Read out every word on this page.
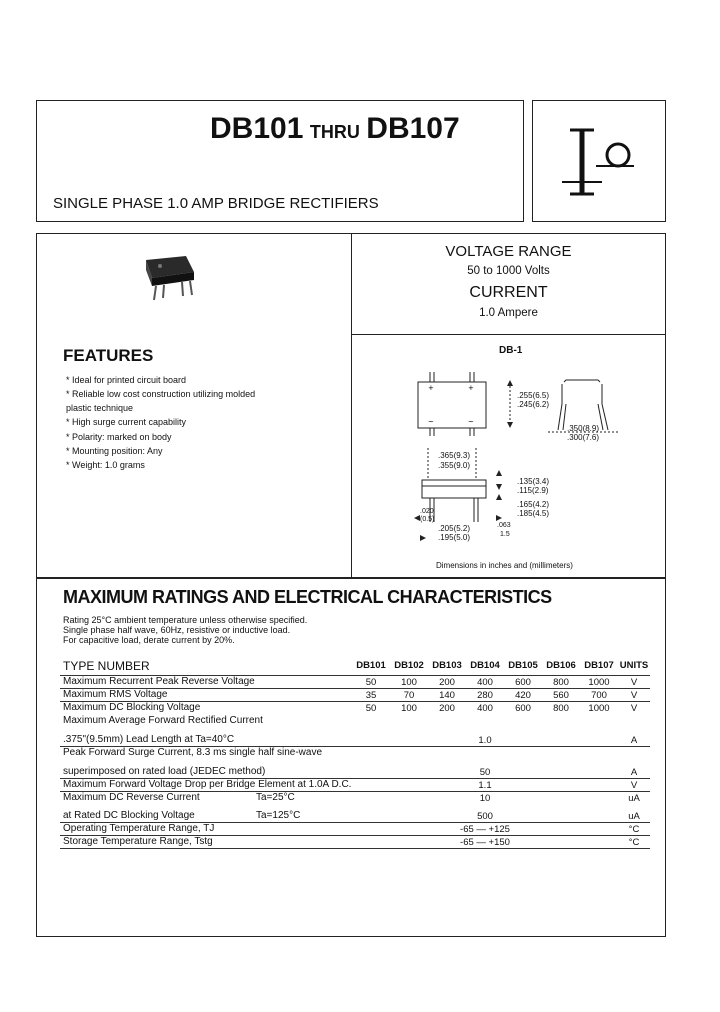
DB101 THRU DB107
SINGLE PHASE 1.0 AMP BRIDGE RECTIFIERS
FEATURES
* Ideal for printed circuit board
* Reliable low cost construction utilizing molded
plastic technique
* High surge current capability
* Polarity: marked on body
* Mounting position: Any
* Weight: 1.0 grams
VOLTAGE RANGE
50 to 1000 Volts
CURRENT
1.0 Ampere
DB-1
+	+
~	~
.255(6.5)
.245(6.2)
.350(8.9)
.300(7.6)
.365(9.3)
.355(9.0)
.135(3.4)
.115(2.9)
.165(4.2)
.185(4.5)
.020
(0.5)
.205(5.2)
.195(5.0)
.063
1.5
Dimensions in inches and (millimeters)
MAXIMUM RATINGS AND ELECTRICAL CHARACTERISTICS
Rating 25°C ambient temperature unless otherwise specified.
Single phase half wave, 60Hz, resistive or inductive load.
For capacitive load, derate current by 20%.
TYPE NUMBER	DB101 DB102 DB103 DB104 DB105 DB106 DB107 UNITS
Maximum Recurrent Peak Reverse Voltage	50	100	200	400	600	800	1000	V
Maximum RMS Voltage	35	70	140	280	420	560	700	V
Maximum DC Blocking Voltage	50	100	200	400	600	800	1000	V
Maximum Average Forward Rectified Current
.375"(9.5mm) Lead Length at Ta=40°C	1.0	A
Peak Forward Surge Current, 8.3 ms single half sine-wave
superimposed on rated load (JEDEC method)	50	A
Maximum Forward Voltage Drop per Bridge Element at 1.0A D.C.	1.1	V
Maximum DC Reverse Current	Ta=25°C	10	uA
at Rated DC Blocking Voltage	Ta=125°C	500	uA
Operating Temperature Range, TJ	-65 — +125	°C
Storage Temperature Range, Tstg	-65 — +150	°C
